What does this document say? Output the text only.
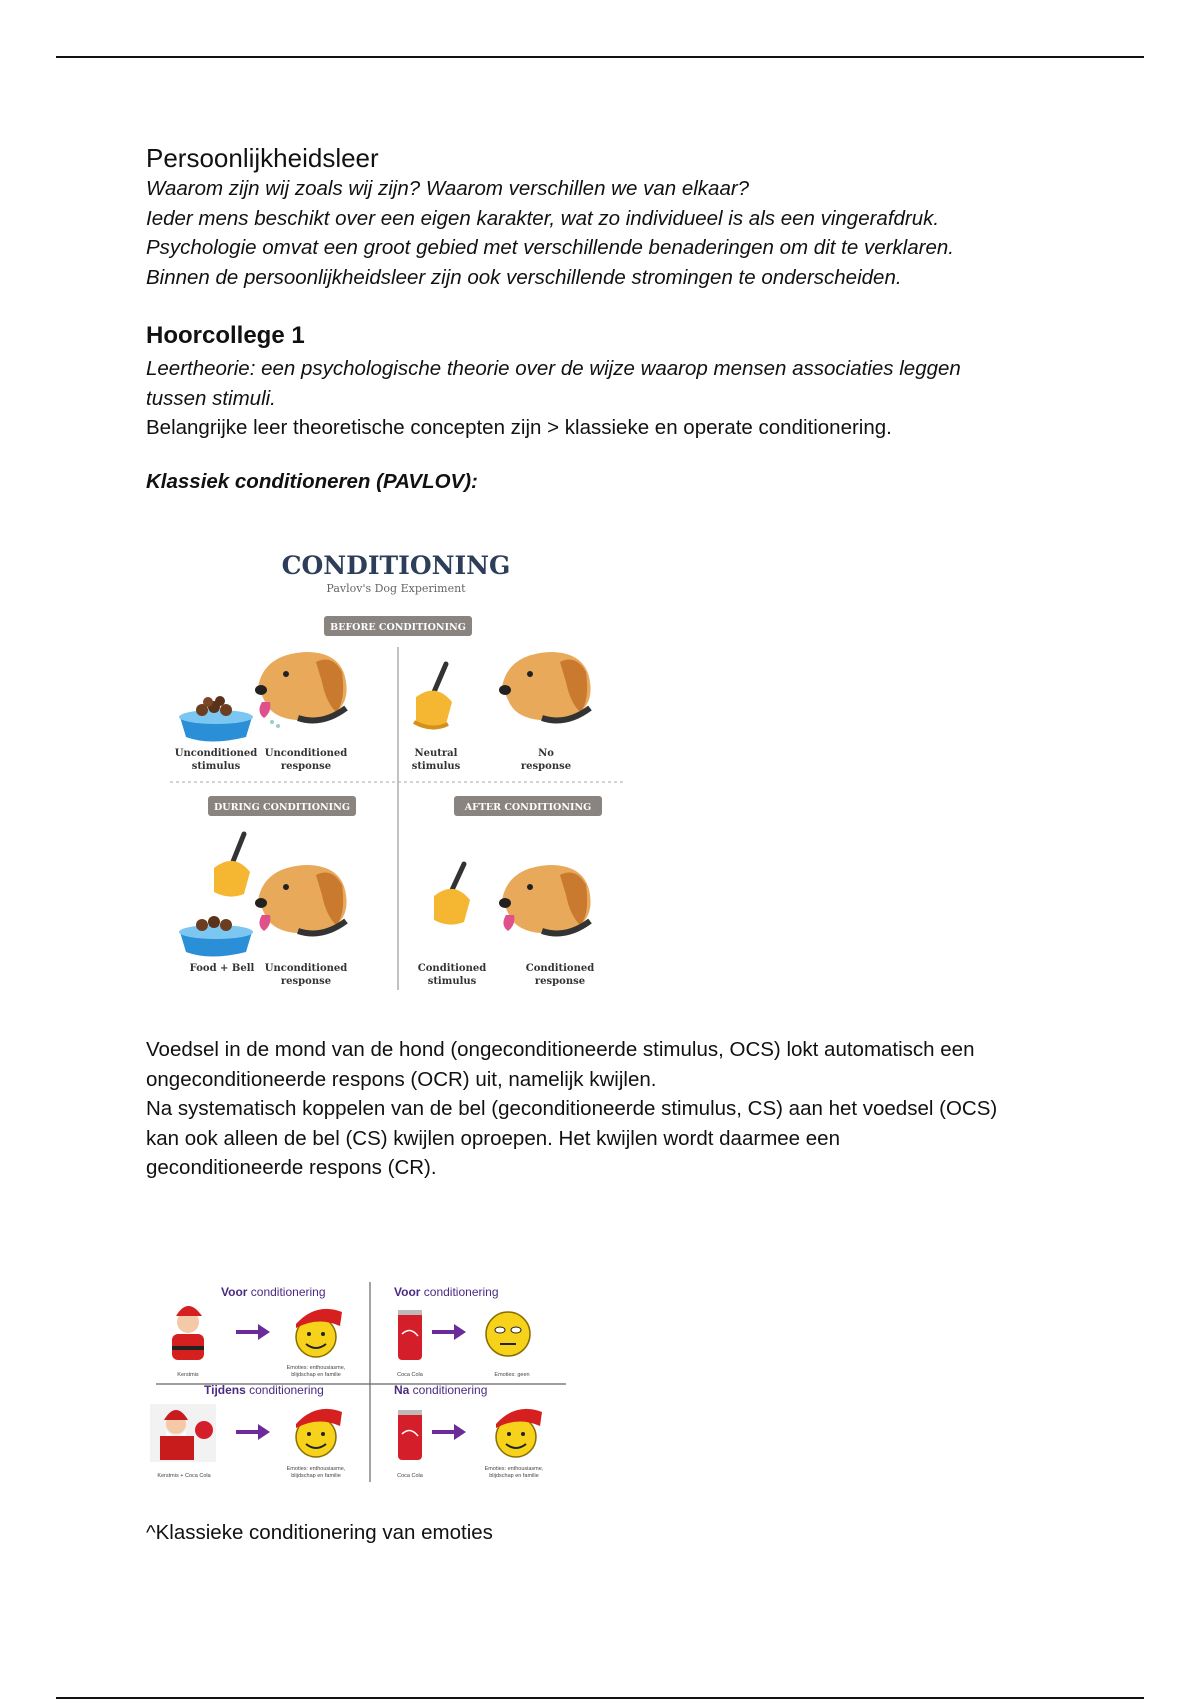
Persoonlijkheidsleer

Waarom zijn wij zoals wij zijn? Waarom verschillen we van elkaar?

Ieder mens beschikt over een eigen karakter, wat zo individueel is als een vingerafdruk.

Psychologie omvat een groot gebied met verschillende benaderingen om dit te verklaren.

Binnen de persoonlijkheidsleer zijn ook verschillende stromingen te onderscheiden.

Hoorcollege 1

Leertheorie: een psychologische theorie over de wijze waarop mensen associaties leggen

tussen stimuli.

Belangrijke leer theoretische concepten zijn > klassieke en operate conditionering.

Klassiek conditioneren (PAVLOV):

CONDITIONING
Pavlov's Dog Experiment
BEFORE CONDITIONING
DURING CONDITIONING	AFTER CONDITIONING
Unconditioned
stimulus
Unconditioned
response
Neutral
stimulus
No
response
Food + Bell Unconditioned
response
Conditioned
stimulus
Conditioned
response

Voedsel in de mond van de hond (ongeconditioneerde stimulus, OCS) lokt automatisch een

ongeconditioneerde respons (OCR) uit, namelijk kwijlen.

Na systematisch koppelen van de bel (geconditioneerde stimulus, CS) aan het voedsel (OCS)

kan ook alleen de bel (CS) kwijlen oproepen. Het kwijlen wordt daarmee een

geconditioneerde respons (CR).

Voor conditionering	Voor conditionering
Tijdens conditionering	Na conditionering
Kerstmis
Emoties: enthousiasme,
blijdschap en familie	Coca Cola	Emoties: geen
Kerstmis + Coca Cola
Emoties: enthousiasme,
blijdschap en familie	Coca Cola
Emoties: enthousiasme,
blijdschap en familie

^Klassieke conditionering van emoties
